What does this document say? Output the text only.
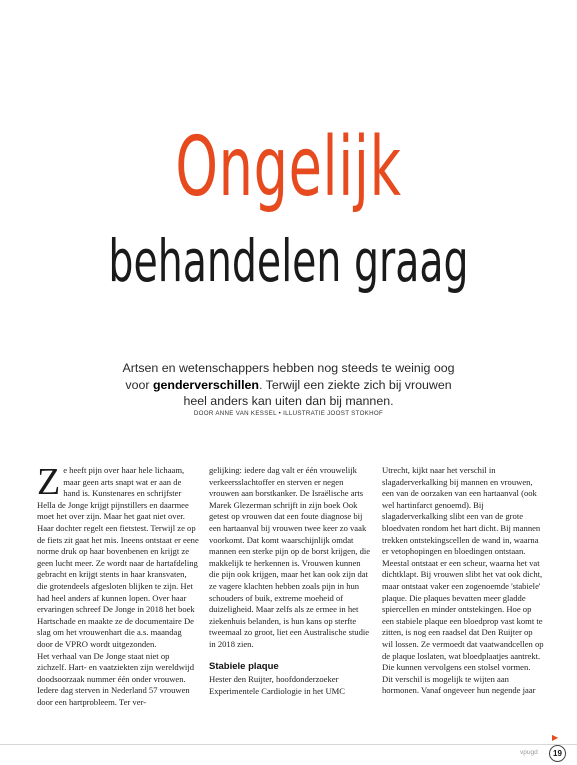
Ongelijk
behandelen graag
Artsen en wetenschappers hebben nog steeds te weinig oog voor genderverschillen. Terwijl een ziekte zich bij vrouwen heel anders kan uiten dan bij mannen.
DOOR ANNE VAN KESSEL • ILLUSTRATIE JOOST STOKHOF

Ze heeft pijn over haar hele lichaam, maar geen arts snapt wat er aan de hand is. Kunstenares en schrijfster Hella de Jonge krijgt pijnstillers en daarmee moet het over zijn. Maar het gaat niet over. Haar dochter regelt een fietstest. Terwijl ze op de fiets zit gaat het mis. Ineens ontstaat er eene norme druk op haar bovenbenen en krijgt ze geen lucht meer. Ze wordt naar de hartafdeling gebracht en krijgt stents in haar kransvaten, die grotendeels afgesloten blijken te zijn. Het had heel anders af kunnen lopen. Over haar ervaringen schreef De Jonge in 2018 het boek Hartschade en maakte ze de documentaire De slag om het vrouwenhart die a.s. maandag door de VPRO wordt uitgezonden.

Het verhaal van De Jonge staat niet op zichzelf. Hart- en vaatziekten zijn wereldwijd doodsoorzaak nummer één onder vrouwen. Iedere dag sterven in Nederland 57 vrouwen door een hartprobleem. Ter ver-

gelijking: iedere dag valt er één vrouwelijk verkeersslachtoffer en sterven er negen vrouwen aan borstkanker. De Israëlische arts Marek Glezerman schrijft in zijn boek Ook getest op vrouwen dat een foute diagnose bij een hartaanval bij vrouwen twee keer zo vaak voorkomt. Dat komt waarschijnlijk omdat mannen een sterke pijn op de borst krijgen, die makkelijk te herkennen is. Vrouwen kunnen die pijn ook krijgen, maar het kan ook zijn dat ze vagere klachten hebben zoals pijn in hun schouders of buik, extreme moeheid of duizeligheid. Maar zelfs als ze ermee in het ziekenhuis belanden, is hun kans op sterfte tweemaal zo groot, liet een Australische studie in 2018 zien.

Stabiele plaque

Hester den Ruijter, hoofdonderzoeker Experimentele Cardiologie in het UMC

Utrecht, kijkt naar het verschil in slagaderverkalking bij mannen en vrouwen, een van de oorzaken van een hartaanval (ook wel hartinfarct genoemd). Bij slagaderverkalking slibt een van de grote bloedvaten rondom het hart dicht. Bij mannen trekken ontstekingscellen de wand in, waarna er vetophopingen en bloedingen ontstaan. Meestal ontstaat er een scheur, waarna het vat dichtklapt. Bij vrouwen slibt het vat ook dicht, maar ontstaat vaker een zogenoemde 'stabiele' plaque. Die plaques bevatten meer gladde spiercellen en minder ontstekingen. Hoe op een stabiele plaque een bloedprop vast komt te zitten, is nog een raadsel dat Den Ruijter op wil lossen. Ze vermoedt dat vaatwandcellen op de plaque loslaten, wat bloedplaatjes aantrekt. Die kunnen vervolgens een stolsel vormen.

Dit verschil is mogelijk te wijten aan hormonen. Vanaf ongeveer hun negende jaar

▶
vpugd	19
